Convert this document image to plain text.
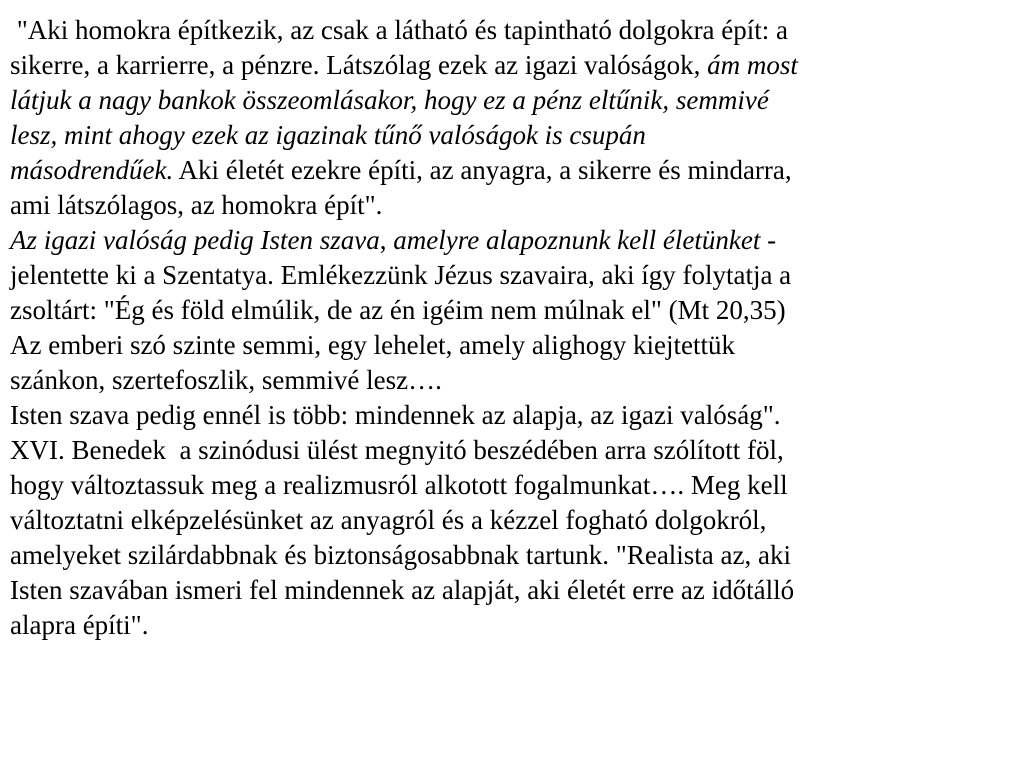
"Aki homokra építkezik, az csak a látható és tapintható dolgokra épít: a
sikerre, a karrierre, a pénzre. Látszólag ezek az igazi valóságok, ám most
látjuk a nagy bankok összeomlásakor, hogy ez a pénz eltűnik, semmivé
lesz, mint ahogy ezek az igazinak tűnő valóságok is csupán
másodrendűek. Aki életét ezekre építi, az anyagra, a sikerre és mindarra,
ami látszólagos, az homokra épít".
Az igazi valóság pedig Isten szava, amelyre alapoznunk kell életünket -
jelentette ki a Szentatya. Emlékezzünk Jézus szavaira, aki így folytatja a
zsoltárt: "Ég és föld elmúlik, de az én igéim nem múlnak el" (Mt 20,35)
Az emberi szó szinte semmi, egy lehelet, amely alighogy kiejtettük
szánkon, szertefoszlik, semmivé lesz….
Isten szava pedig ennél is több: mindennek az alapja, az igazi valóság".
XVI. Benedek  a szinódusi ülést megnyitó beszédében arra szólított föl,
hogy változtassuk meg a realizmusról alkotott fogalmunkat…. Meg kell
változtatni elképzelésünket az anyagról és a kézzel fogható dolgokról,
amelyeket szilárdabbnak és biztonságosabbnak tartunk. "Realista az, aki
Isten szavában ismeri fel mindennek az alapját, aki életét erre az időtálló
alapra építi".
